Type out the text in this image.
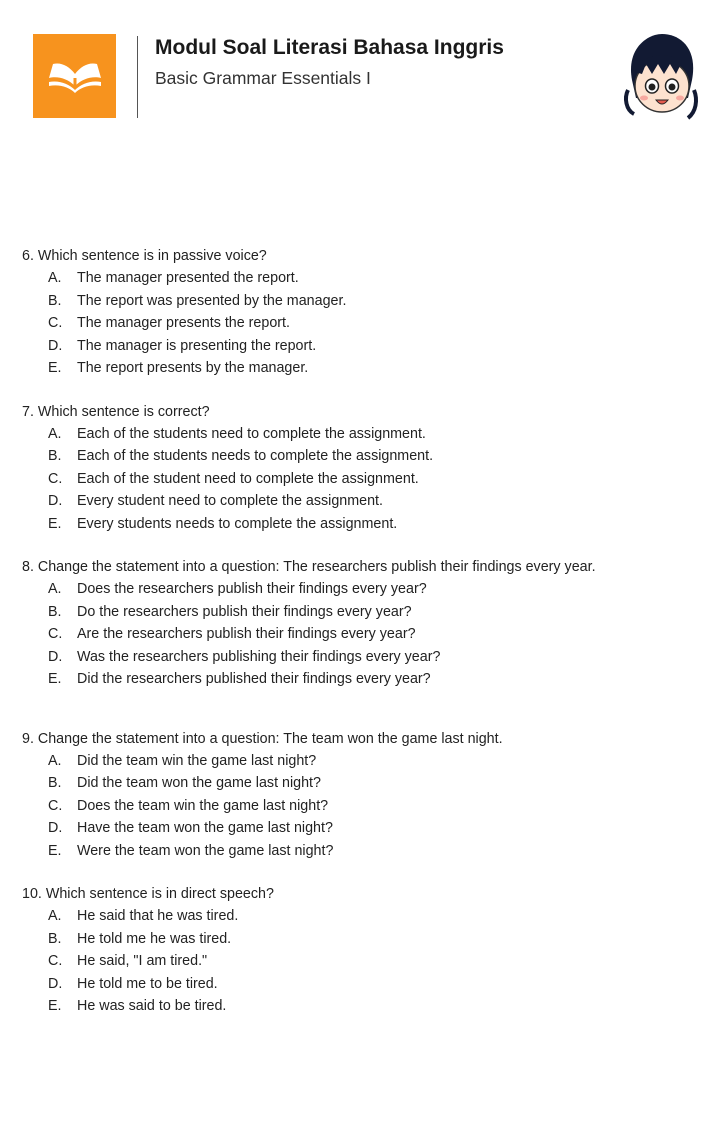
Modul Soal Literasi Bahasa Inggris
Basic Grammar Essentials I
6. Which sentence is in passive voice?
A. The manager presented the report.
B. The report was presented by the manager.
C. The manager presents the report.
D. The manager is presenting the report.
E. The report presents by the manager.
7. Which sentence is correct?
A. Each of the students need to complete the assignment.
B. Each of the students needs to complete the assignment.
C. Each of the student need to complete the assignment.
D. Every student need to complete the assignment.
E. Every students needs to complete the assignment.
8. Change the statement into a question: The researchers publish their findings every year.
A. Does the researchers publish their findings every year?
B. Do the researchers publish their findings every year?
C. Are the researchers publish their findings every year?
D. Was the researchers publishing their findings every year?
E. Did the researchers published their findings every year?
9. Change the statement into a question: The team won the game last night.
A. Did the team win the game last night?
B. Did the team won the game last night?
C. Does the team win the game last night?
D. Have the team won the game last night?
E. Were the team won the game last night?
10. Which sentence is in direct speech?
A. He said that he was tired.
B. He told me he was tired.
C. He said, "I am tired."
D. He told me to be tired.
E. He was said to be tired.
